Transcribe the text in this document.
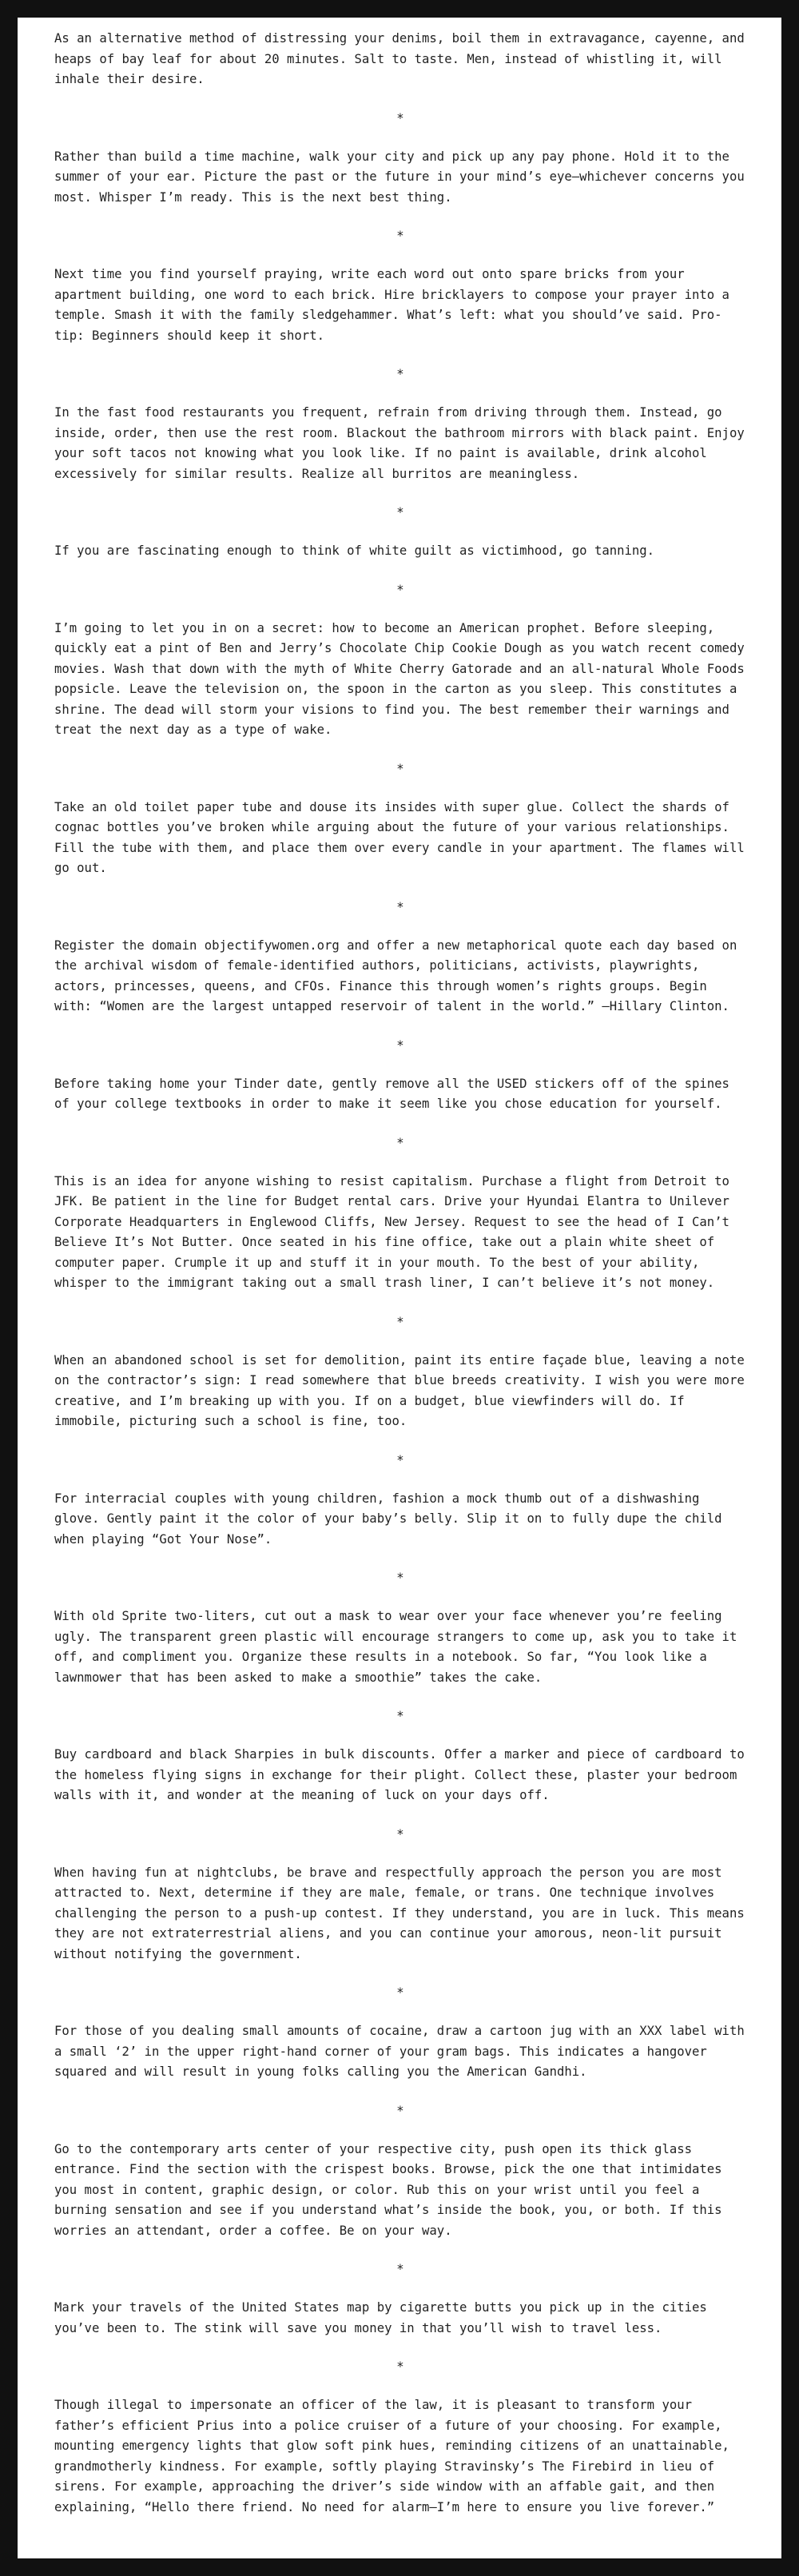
As an alternative method of distressing your denims, boil them in extravagance, cayenne, and heaps of bay leaf for about 20 minutes. Salt to taste. Men, instead of whistling it, will inhale their desire.

*

Rather than build a time machine, walk your city and pick up any pay phone. Hold it to the summer of your ear. Picture the past or the future in your mind’s eye—whichever concerns you most. Whisper I’m ready. This is the next best thing.

*

Next time you find yourself praying, write each word out onto spare bricks from your apartment building, one word to each brick. Hire bricklayers to compose your prayer into a temple. Smash it with the family sledgehammer. What’s left: what you should’ve said. Pro-tip: Beginners should keep it short.

*

In the fast food restaurants you frequent, refrain from driving through them. Instead, go inside, order, then use the rest room. Blackout the bathroom mirrors with black paint. Enjoy your soft tacos not knowing what you look like. If no paint is available, drink alcohol excessively for similar results. Realize all burritos are meaningless.

*

If you are fascinating enough to think of white guilt as victimhood, go tanning.

*

I’m going to let you in on a secret: how to become an American prophet. Before sleeping, quickly eat a pint of Ben and Jerry’s Chocolate Chip Cookie Dough as you watch recent comedy movies. Wash that down with the myth of White Cherry Gatorade and an all-natural Whole Foods popsicle. Leave the television on, the spoon in the carton as you sleep. This constitutes a shrine. The dead will storm your visions to find you. The best remember their warnings and treat the next day as a type of wake.

*

Take an old toilet paper tube and douse its insides with super glue. Collect the shards of cognac bottles you’ve broken while arguing about the future of your various relationships. Fill the tube with them, and place them over every candle in your apartment. The flames will go out.

*

Register the domain objectifywomen.org and offer a new metaphorical quote each day based on the archival wisdom of female-identified authors, politicians, activists, playwrights, actors, princesses, queens, and CFOs. Finance this through women’s rights groups. Begin with: “Women are the largest untapped reservoir of talent in the world.” —Hillary Clinton.

*

Before taking home your Tinder date, gently remove all the USED stickers off of the spines of your college textbooks in order to make it seem like you chose education for yourself.

*

This is an idea for anyone wishing to resist capitalism. Purchase a flight from Detroit to JFK. Be patient in the line for Budget rental cars. Drive your Hyundai Elantra to Unilever Corporate Headquarters in Englewood Cliffs, New Jersey. Request to see the head of I Can’t Believe It’s Not Butter. Once seated in his fine office, take out a plain white sheet of computer paper. Crumple it up and stuff it in your mouth. To the best of your ability, whisper to the immigrant taking out a small trash liner, I can’t believe it’s not money.

*

When an abandoned school is set for demolition, paint its entire façade blue, leaving a note on the contractor’s sign: I read somewhere that blue breeds creativity. I wish you were more creative, and I’m breaking up with you. If on a budget, blue viewfinders will do. If immobile, picturing such a school is fine, too.

*

For interracial couples with young children, fashion a mock thumb out of a dishwashing glove. Gently paint it the color of your baby’s belly. Slip it on to fully dupe the child when playing “Got Your Nose”.

*

With old Sprite two-liters, cut out a mask to wear over your face whenever you’re feeling ugly. The transparent green plastic will encourage strangers to come up, ask you to take it off, and compliment you. Organize these results in a notebook. So far, “You look like a lawnmower that has been asked to make a smoothie” takes the cake.

*

Buy cardboard and black Sharpies in bulk discounts. Offer a marker and piece of cardboard to the homeless flying signs in exchange for their plight. Collect these, plaster your bedroom walls with it, and wonder at the meaning of luck on your days off.

*

When having fun at nightclubs, be brave and respectfully approach the person you are most attracted to. Next, determine if they are male, female, or trans. One technique involves challenging the person to a push-up contest. If they understand, you are in luck. This means they are not extraterrestrial aliens, and you can continue your amorous, neon-lit pursuit without notifying the government.

*

For those of you dealing small amounts of cocaine, draw a cartoon jug with an XXX label with a small ‘2’ in the upper right-hand corner of your gram bags. This indicates a hangover squared and will result in young folks calling you the American Gandhi.

*

Go to the contemporary arts center of your respective city, push open its thick glass entrance. Find the section with the crispest books. Browse, pick the one that intimidates you most in content, graphic design, or color. Rub this on your wrist until you feel a burning sensation and see if you understand what’s inside the book, you, or both. If this worries an attendant, order a coffee. Be on your way.

*

Mark your travels of the United States map by cigarette butts you pick up in the cities you’ve been to. The stink will save you money in that you’ll wish to travel less.

*

Though illegal to impersonate an officer of the law, it is pleasant to transform your father’s efficient Prius into a police cruiser of a future of your choosing. For example, mounting emergency lights that glow soft pink hues, reminding citizens of an unattainable, grandmotherly kindness. For example, softly playing Stravinsky’s The Firebird in lieu of sirens. For example, approaching the driver’s side window with an affable gait, and then explaining, “Hello there friend. No need for alarm—I’m here to ensure you live forever.”
